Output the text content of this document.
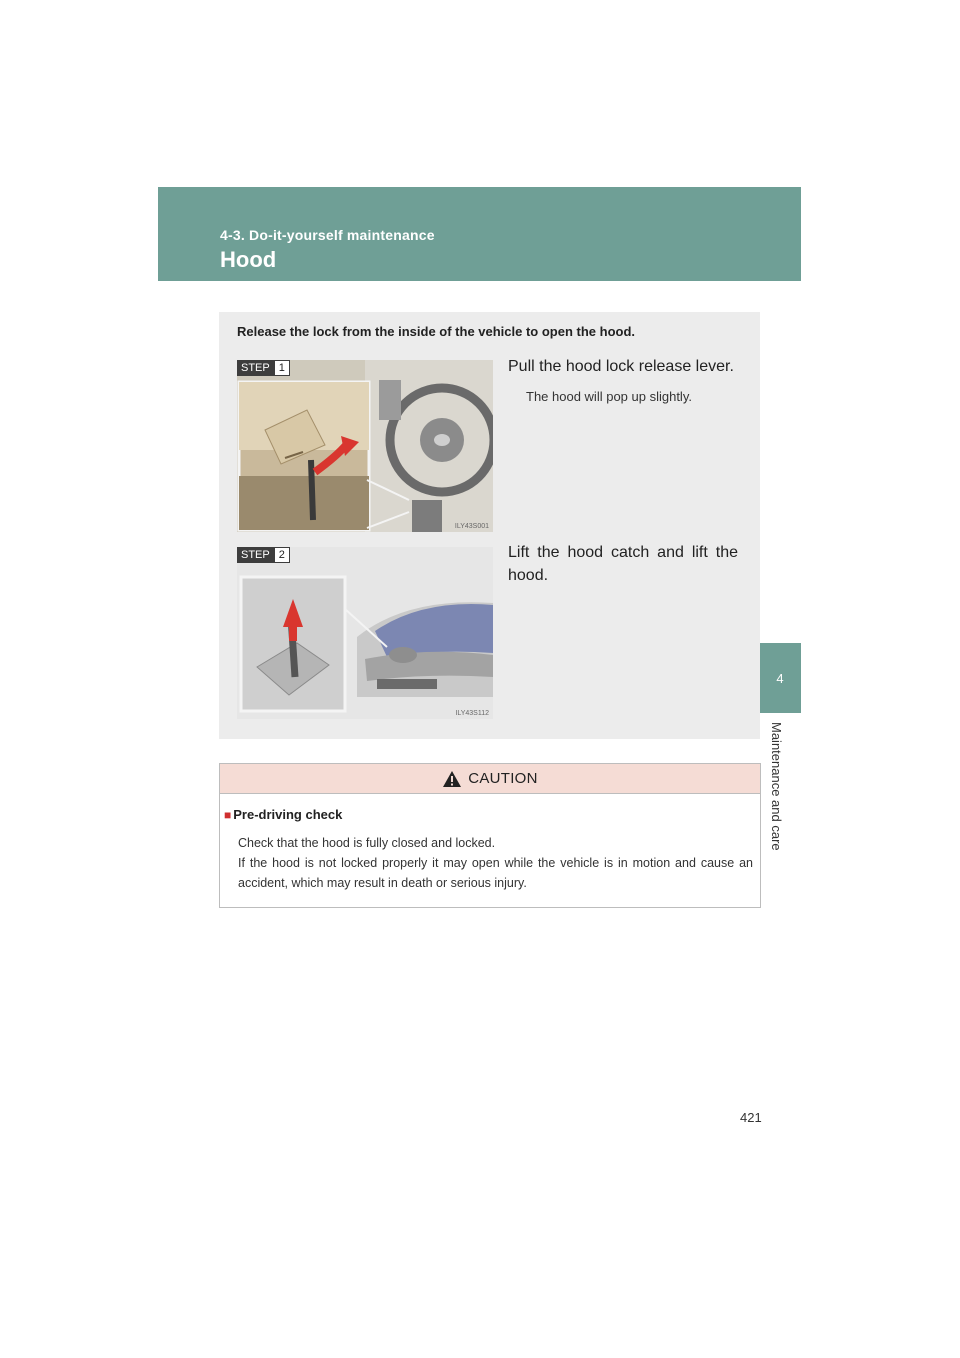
4-3. Do-it-yourself maintenance
Hood
4
Maintenance and care
Release the lock from the inside of the vehicle to open the hood.
STEP 1
ILY43S001
Pull the hood lock release lever.
The hood will pop up slightly.
STEP 2
ILY43S112
Lift the hood catch and lift the hood.
CAUTION
■ Pre-driving check

Check that the hood is fully closed and locked.

If the hood is not locked properly it may open while the vehicle is in motion and cause an accident, which may result in death or serious injury.

421
